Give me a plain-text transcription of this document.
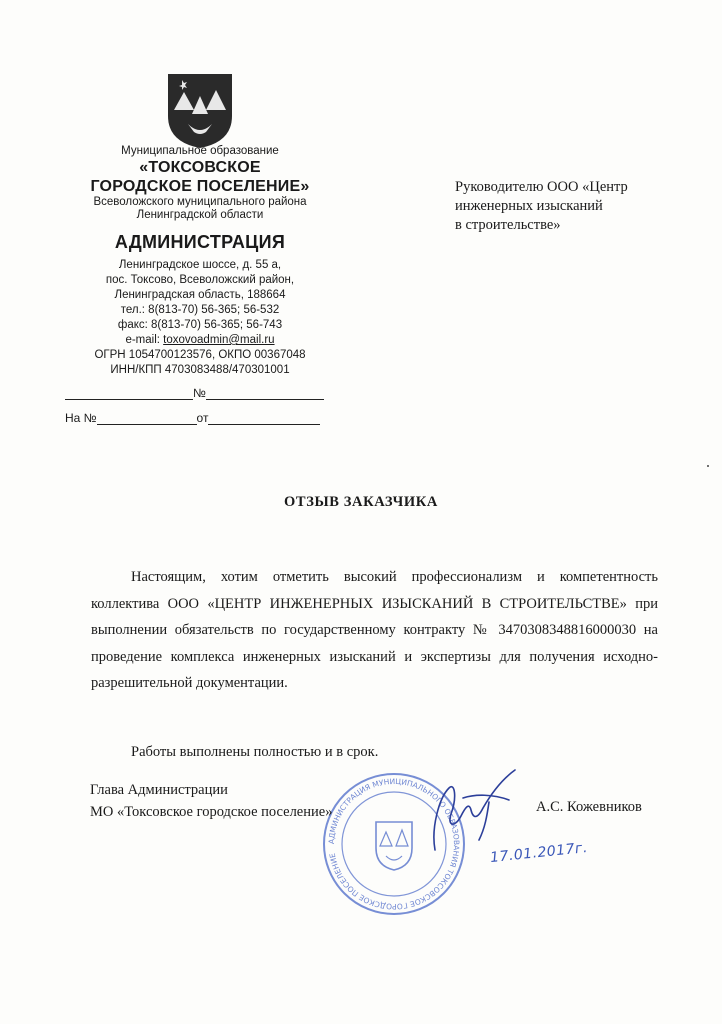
Муниципальное образование
«ТОКСОВСКОЕ
ГОРОДСКОЕ ПОСЕЛЕНИЕ»
Всеволожского муниципального района
Ленинградской области
АДМИНИСТРАЦИЯ
Ленинградское шоссе, д. 55 а,
пос. Токсово, Всеволожский район,
Ленинградская область, 188664
тел.: 8(813-70) 56-365; 56-532
факс: 8(813-70) 56-365; 56-743
e-mail: toxovoadmin@mail.ru
ОГРН 1054700123576, ОКПО 00367048
ИНН/КПП 4703083488/470301001
№
На №	от
Руководителю ООО «Центр
инженерных изысканий
в строительстве»
ОТЗЫВ ЗАКАЗЧИКА
Настоящим, хотим отметить высокий профессионализм и компетентность коллектива ООО «ЦЕНТР ИНЖЕНЕРНЫХ ИЗЫСКАНИЙ В СТРОИТЕЛЬСТВЕ» при выполнении обязательств по государственному контракту № 3470308348816000030 на проведение комплекса инженерных изысканий и экспертизы для получения исходно-разрешительной документации.
Работы выполнены полностью и в срок.
АДМИНИСТРАЦИЯ МУНИЦИПАЛЬНОГО ОБРАЗОВАНИЯ ТОКСОВСКОЕ ГОРОДСКОЕ ПОСЕЛЕНИЕ
Глава Администрации
МО «Токсовское городское поселение»	А.С. Кожевников
17.01.2017г.
